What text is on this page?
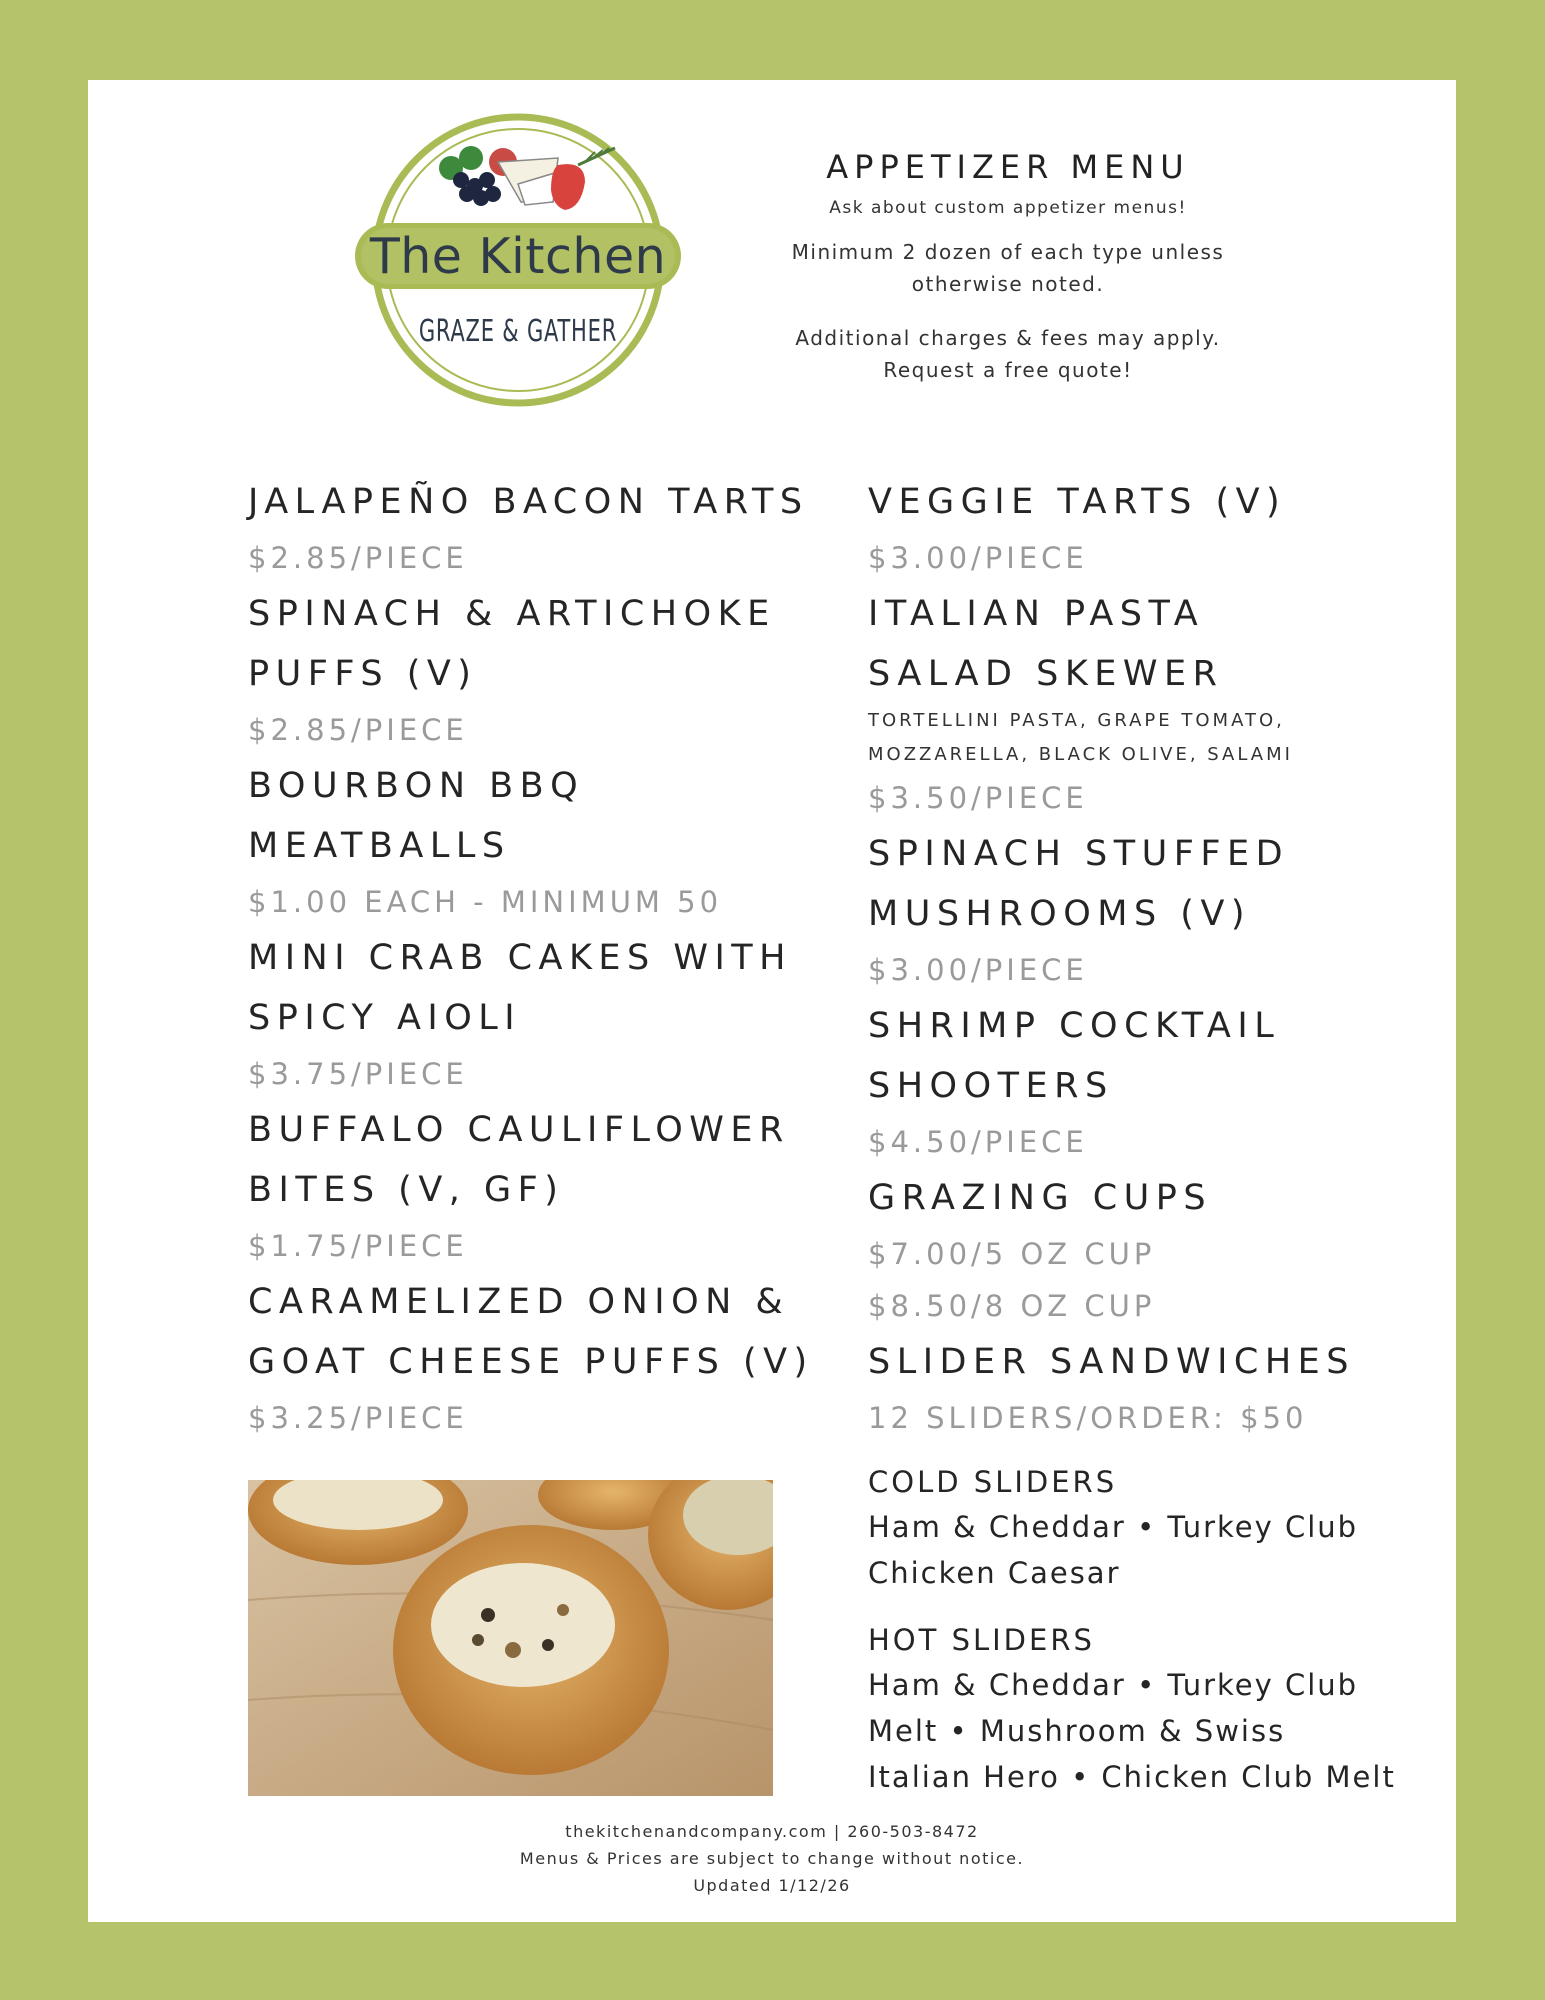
The Kitchen
GRAZE & GATHER
APPETIZER MENU

Ask about custom appetizer menus!

Minimum 2 dozen of each type unless

otherwise noted.

Additional charges & fees may apply.

Request a free quote!

JALAPEÑO BACON TARTS

$2.85/PIECE

SPINACH & ARTICHOKE

PUFFS (V)

$2.85/PIECE

BOURBON BBQ

MEATBALLS

$1.00 EACH - MINIMUM 50

MINI CRAB CAKES WITH

SPICY AIOLI

$3.75/PIECE

BUFFALO CAULIFLOWER

BITES (V, GF)

$1.75/PIECE

CARAMELIZED ONION &

GOAT CHEESE PUFFS (V)

$3.25/PIECE

VEGGIE TARTS (V)

$3.00/PIECE

ITALIAN PASTA

SALAD SKEWER

TORTELLINI PASTA, GRAPE TOMATO,

MOZZARELLA, BLACK OLIVE, SALAMI

$3.50/PIECE

SPINACH STUFFED

MUSHROOMS (V)

$3.00/PIECE

SHRIMP COCKTAIL

SHOOTERS

$4.50/PIECE

GRAZING CUPS

$7.00/5 OZ CUP

$8.50/8 OZ CUP

SLIDER SANDWICHES

12 SLIDERS/ORDER: $50

COLD SLIDERS

Ham & Cheddar • Turkey Club

Chicken Caesar

HOT SLIDERS

Ham & Cheddar • Turkey Club

Melt • Mushroom & Swiss

Italian Hero • Chicken Club Melt

thekitchenandcompany.com | 260-503-8472
Menus & Prices are subject to change without notice.
Updated 1/12/26
